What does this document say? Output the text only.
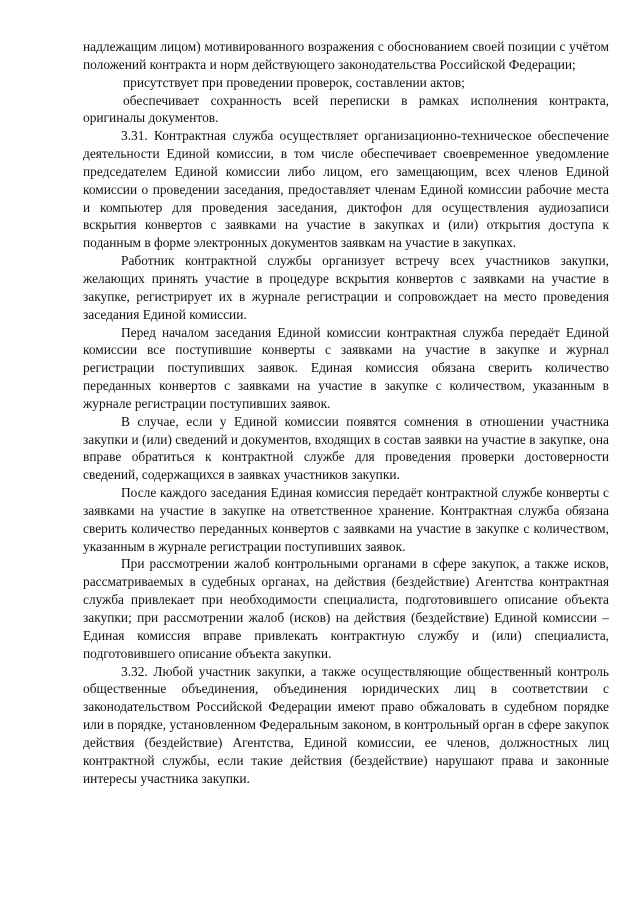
надлежащим лицом) мотивированного возражения с обоснованием своей позиции с учётом положений контракта и норм действующего законодательства Российской Федерации;

присутствует при проведении проверок, составлении актов;

обеспечивает сохранность всей переписки в рамках исполнения контракта, оригиналы документов.

3.31. Контрактная служба осуществляет организационно-техническое обеспечение деятельности Единой комиссии, в том числе обеспечивает своевременное уведомление председателем Единой комиссии либо лицом, его замещающим, всех членов Единой комиссии о проведении заседания, предоставляет членам Единой комиссии рабочие места и компьютер для проведения заседания, диктофон для осуществления аудиозаписи вскрытия конвертов с заявками на участие в закупках и (или) открытия доступа к поданным в форме электронных документов заявкам на участие в закупках.

Работник контрактной службы организует встречу всех участников закупки, желающих принять участие в процедуре вскрытия конвертов с заявками на участие в закупке, регистрирует их в журнале регистрации и сопровождает на место проведения заседания Единой комиссии.

Перед началом заседания Единой комиссии контрактная служба передаёт Единой комиссии все поступившие конверты с заявками на участие в закупке и журнал регистрации поступивших заявок. Единая комиссия обязана сверить количество переданных конвертов с заявками на участие в закупке с количеством, указанным в журнале регистрации поступивших заявок.

В случае, если у Единой комиссии появятся сомнения в отношении участника закупки и (или) сведений и документов, входящих в состав заявки на участие в закупке, она вправе обратиться к контрактной службе для проведения проверки достоверности сведений, содержащихся в заявках участников закупки.

После каждого заседания Единая комиссия передаёт контрактной службе конверты с заявками на участие в закупке на ответственное хранение. Контрактная служба обязана сверить количество переданных конвертов с заявками на участие в закупке с количеством, указанным в журнале регистрации поступивших заявок.

При рассмотрении жалоб контрольными органами в сфере закупок, а также исков, рассматриваемых в судебных органах, на действия (бездействие) Агентства контрактная служба привлекает при необходимости специалиста, подготовившего описание объекта закупки; при рассмотрении жалоб (исков) на действия (бездействие) Единой комиссии – Единая комиссия вправе привлекать контрактную службу и (или) специалиста, подготовившего описание объекта закупки.

3.32. Любой участник закупки, а также осуществляющие общественный контроль общественные объединения, объединения юридических лиц в соответствии с законодательством Российской Федерации имеют право обжаловать в судебном порядке или в порядке, установленном Федеральным законом, в контрольный орган в сфере закупок действия (бездействие) Агентства, Единой комиссии, ее членов, должностных лиц контрактной службы, если такие действия (бездействие) нарушают права и законные интересы участника закупки.
